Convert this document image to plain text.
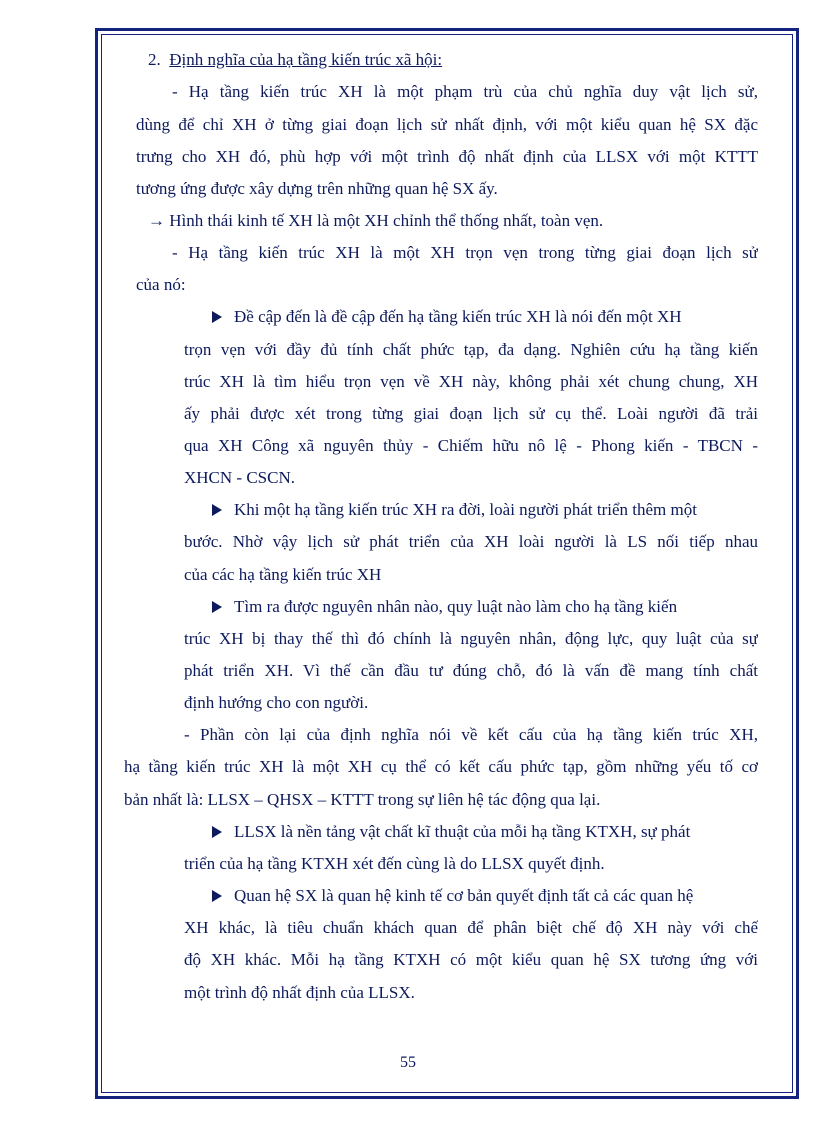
2. Định nghĩa của hạ tầng kiến trúc xã hội:
- Hạ tầng kiến trúc XH là một phạm trù của chủ nghĩa duy vật lịch sử,
dùng để chỉ XH ở từng giai đoạn lịch sử nhất định, với một kiểu quan hệ SX đặc
trưng cho XH đó, phù hợp với một trình độ nhất định của LLSX với một KTTT
tương ứng được xây dựng trên những quan hệ SX ấy.
→ Hình thái kinh tế XH là một XH chỉnh thể thống nhất, toàn vẹn.
- Hạ tầng kiến trúc XH là một XH trọn vẹn trong từng giai đoạn lịch sử
của nó:
Đề cập đến là đề cập đến hạ tầng kiến trúc XH là nói đến một XH
trọn vẹn với đầy đủ tính chất phức tạp, đa dạng. Nghiên cứu hạ tầng kiến
trúc XH là tìm hiểu trọn vẹn về XH này, không phải xét chung chung, XH
ấy phải được xét trong từng giai đoạn lịch sử cụ thể. Loài người đã trải
qua XH Công xã nguyên thủy - Chiếm hữu nô lệ - Phong kiến - TBCN -
XHCN - CSCN.
Khi một hạ tầng kiến trúc XH ra đời, loài người phát triển thêm một
bước. Nhờ vậy lịch sử phát triển của XH loài người là LS nối tiếp nhau
của các hạ tầng kiến trúc XH
Tìm ra được nguyên nhân nào, quy luật nào làm cho hạ tầng kiến
trúc XH bị thay thế thì đó chính là nguyên nhân, động lực, quy luật của sự
phát triển XH. Vì thế cần đầu tư đúng chỗ, đó là vấn đề mang tính chất
định hướng cho con người.
- Phần còn lại của định nghĩa nói về kết cấu của hạ tầng kiến trúc XH,
hạ tầng kiến trúc XH là một XH cụ thể có kết cấu phức tạp, gồm những yếu tố cơ
bản nhất là: LLSX – QHSX – KTTT trong sự liên hệ tác động qua lại.
LLSX là nền tảng vật chất kĩ thuật của mỗi hạ tầng KTXH, sự phát
triển của hạ tầng KTXH xét đến cùng là do LLSX quyết định.
Quan hệ SX là quan hệ kinh tế cơ bản quyết định tất cả các quan hệ
XH khác, là tiêu chuẩn khách quan để phân biệt chế độ XH này với chế
độ XH khác. Mỗi hạ tầng KTXH có một kiểu quan hệ SX tương ứng với
một trình độ nhất định của LLSX.
55
